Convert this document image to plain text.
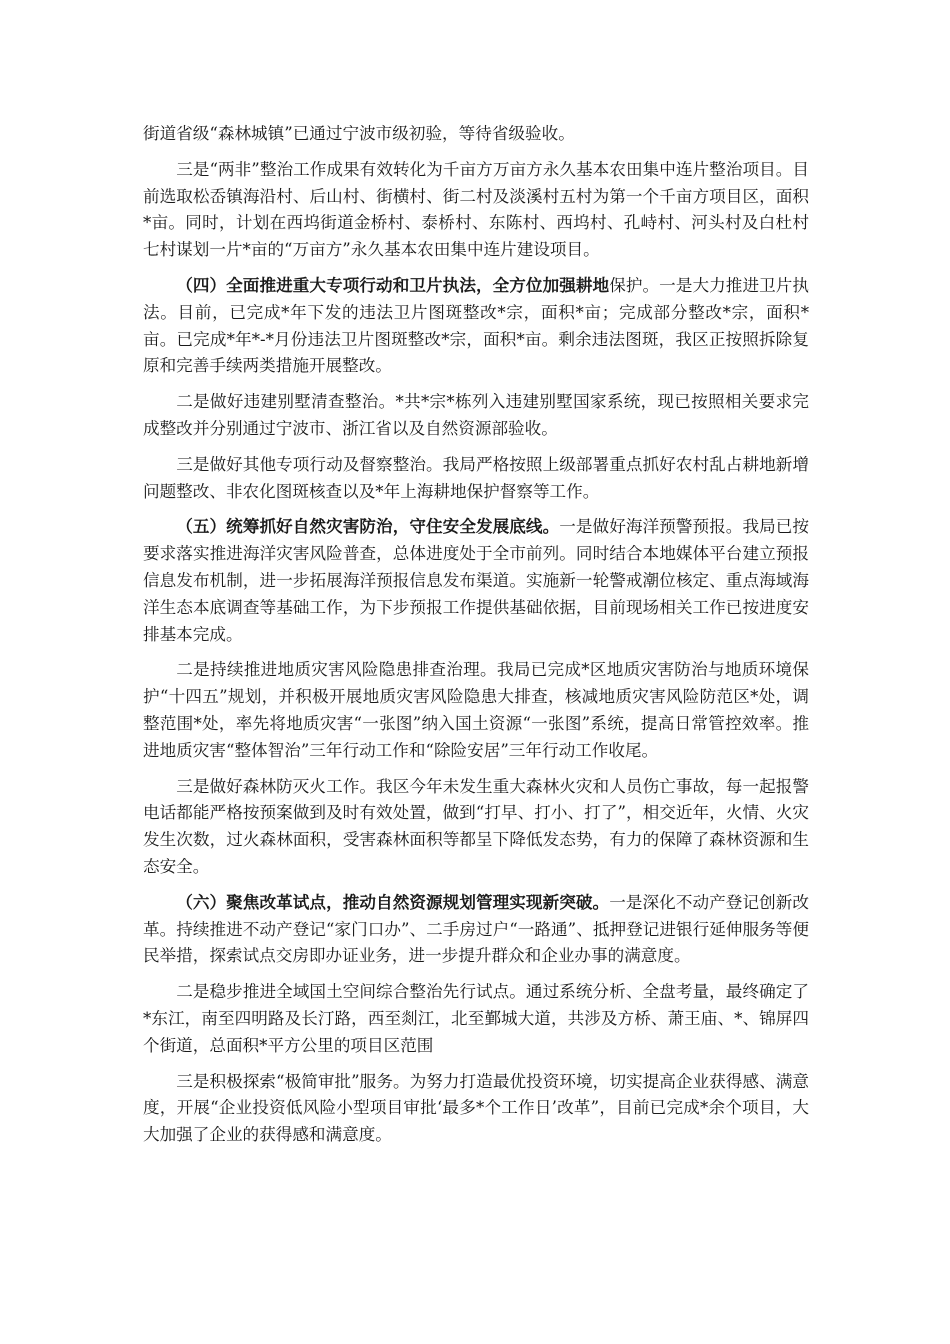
街道省级“森林城镇”已通过宁波市级初验，等待省级验收。

三是“两非”整治工作成果有效转化为千亩方万亩方永久基本农田集中连片整治项目。目前选取松岙镇海沿村、后山村、街横村、街二村及淡溪村五村为第一个千亩方项目区，面积*亩。同时，计划在西坞街道金桥村、泰桥村、东陈村、西坞村、孔峙村、河头村及白杜村七村谋划一片*亩的“万亩方”永久基本农田集中连片建设项目。

（四）全面推进重大专项行动和卫片执法，全方位加强耕地保护。一是大力推进卫片执法。目前，已完成*年下发的违法卫片图斑整改*宗，面积*亩；完成部分整改*宗，面积*亩。已完成*年*-*月份违法卫片图斑整改*宗，面积*亩。剩余违法图斑，我区正按照拆除复原和完善手续两类措施开展整改。

二是做好违建别墅清查整治。*共*宗*栋列入违建别墅国家系统，现已按照相关要求完成整改并分别通过宁波市、浙江省以及自然资源部验收。

三是做好其他专项行动及督察整治。我局严格按照上级部署重点抓好农村乱占耕地新增问题整改、非农化图斑核查以及*年上海耕地保护督察等工作。

（五）统筹抓好自然灾害防治，守住安全发展底线。一是做好海洋预警预报。我局已按要求落实推进海洋灾害风险普查，总体进度处于全市前列。同时结合本地媒体平台建立预报信息发布机制，进一步拓展海洋预报信息发布渠道。实施新一轮警戒潮位核定、重点海域海洋生态本底调查等基础工作，为下步预报工作提供基础依据，目前现场相关工作已按进度安排基本完成。

二是持续推进地质灾害风险隐患排查治理。我局已完成*区地质灾害防治与地质环境保护“十四五”规划，并积极开展地质灾害风险隐患大排查，核减地质灾害风险防范区*处，调整范围*处，率先将地质灾害“一张图”纳入国土资源“一张图”系统，提高日常管控效率。推进地质灾害“整体智治”三年行动工作和“除险安居”三年行动工作收尾。

三是做好森林防灭火工作。我区今年未发生重大森林火灾和人员伤亡事故，每一起报警电话都能严格按预案做到及时有效处置，做到“打早、打小、打了”，相交近年，火情、火灾发生次数，过火森林面积，受害森林面积等都呈下降低发态势，有力的保障了森林资源和生态安全。

（六）聚焦改革试点，推动自然资源规划管理实现新突破。一是深化不动产登记创新改革。持续推进不动产登记“家门口办”、二手房过户“一路通”、抵押登记进银行延伸服务等便民举措，探索试点交房即办证业务，进一步提升群众和企业办事的满意度。

二是稳步推进全域国土空间综合整治先行试点。通过系统分析、全盘考量，最终确定了*东江，南至四明路及长汀路，西至剡江，北至鄞城大道，共涉及方桥、萧王庙、*、锦屏四个街道，总面积*平方公里的项目区范围

三是积极探索“极简审批”服务。为努力打造最优投资环境，切实提高企业获得感、满意度，开展“企业投资低风险小型项目审批‘最多*个工作日’改革”，目前已完成*余个项目，大大加强了企业的获得感和满意度。
